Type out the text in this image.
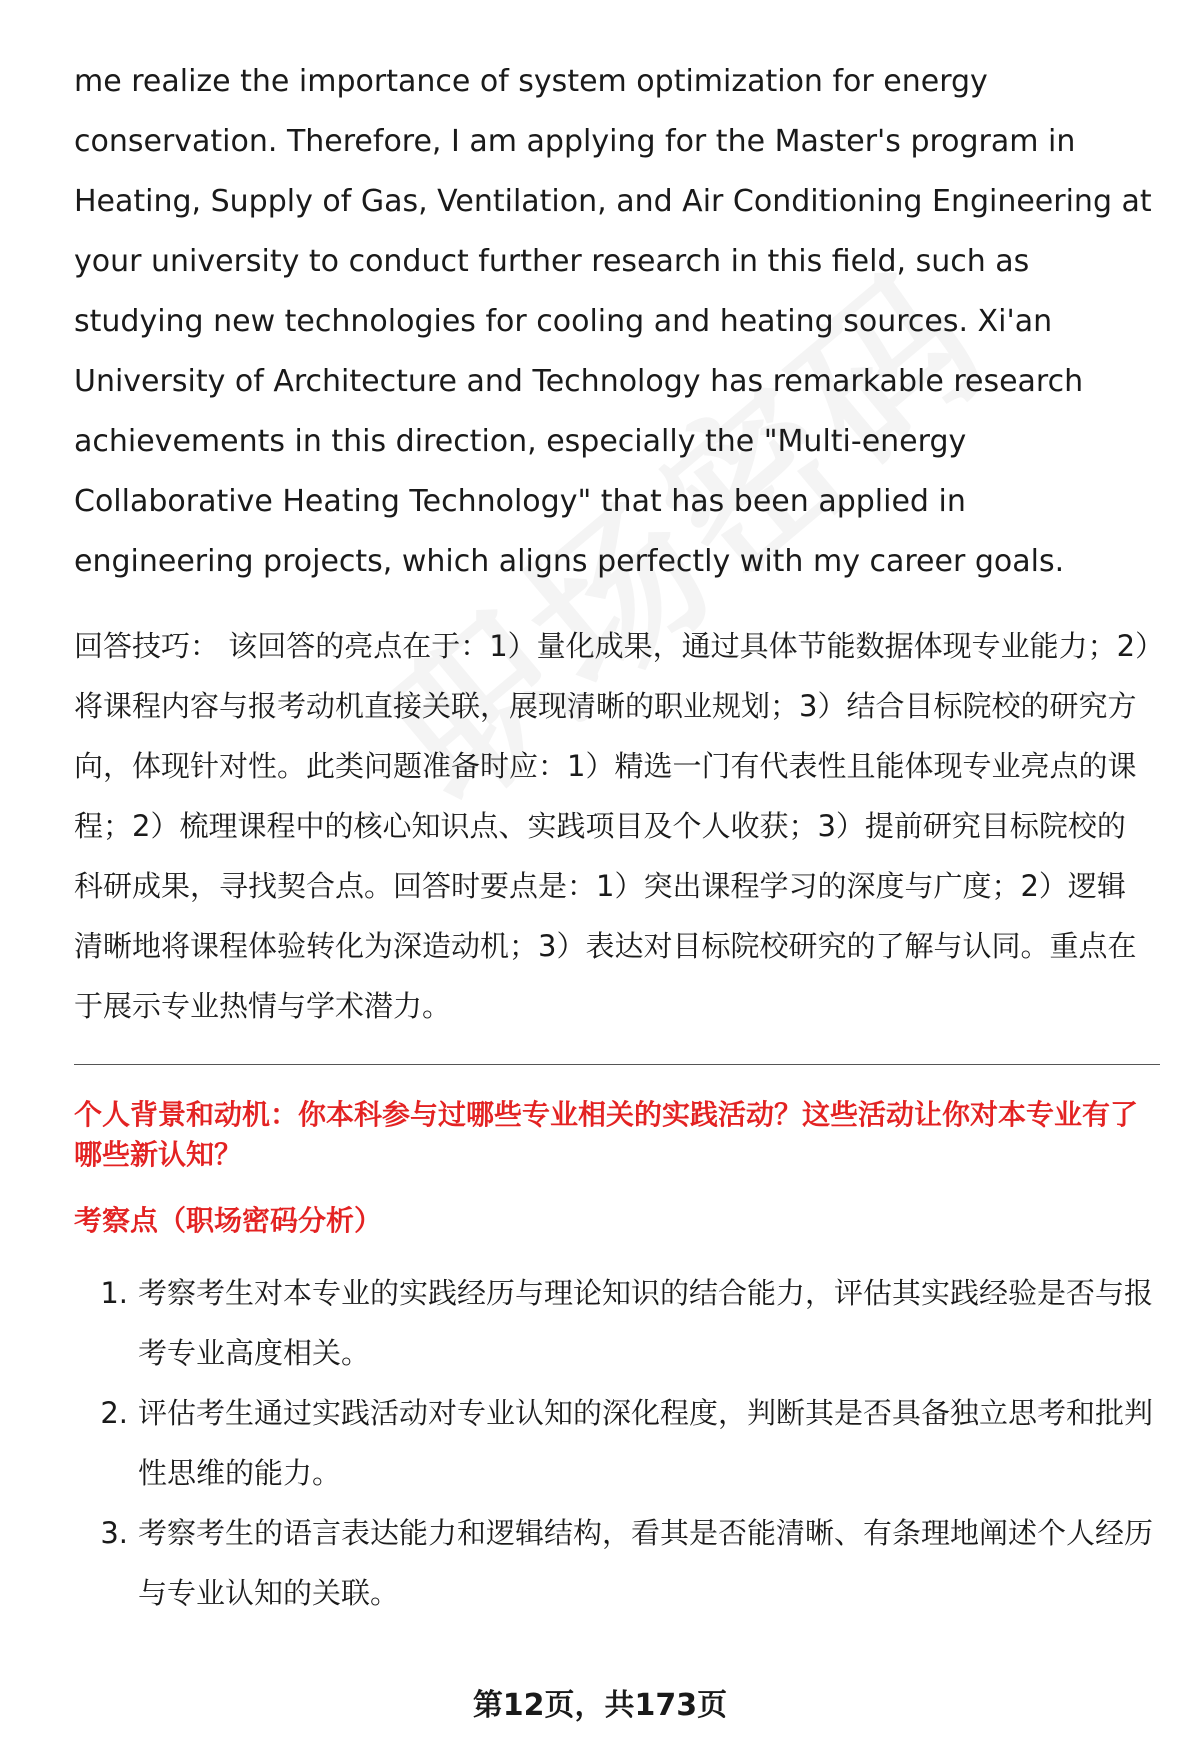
me realize the importance of system optimization for energy conservation. Therefore, I am applying for the Master's program in Heating, Supply of Gas, Ventilation, and Air Conditioning Engineering at your university to conduct further research in this field, such as studying new technologies for cooling and heating sources. Xi'an University of Architecture and Technology has remarkable research achievements in this direction, especially the "Multi-energy Collaborative Heating Technology" that has been applied in engineering projects, which aligns perfectly with my career goals.

回答技巧： 该回答的亮点在于：1）量化成果，通过具体节能数据体现专业能力；2）将课程内容与报考动机直接关联，展现清晰的职业规划；3）结合目标院校的研究方向，体现针对性。此类问题准备时应：1）精选一门有代表性且能体现专业亮点的课程；2）梳理课程中的核心知识点、实践项目及个人收获；3）提前研究目标院校的科研成果，寻找契合点。回答时要点是：1）突出课程学习的深度与广度；2）逻辑清晰地将课程体验转化为深造动机；3）表达对目标院校研究的了解与认同。重点在于展示专业热情与学术潜力。

个人背景和动机：你本科参与过哪些专业相关的实践活动？这些活动让你对本专业有了哪些新认知？

考察点（职场密码分析）

1. 考察考生对本专业的实践经历与理论知识的结合能力，评估其实践经验是否与报考专业高度相关。
2. 评估考生通过实践活动对专业认知的深化程度，判断其是否具备独立思考和批判性思维的能力。
3. 考察考生的语言表达能力和逻辑结构，看其是否能清晰、有条理地阐述个人经历与专业认知的关联。
第12页，共173页
